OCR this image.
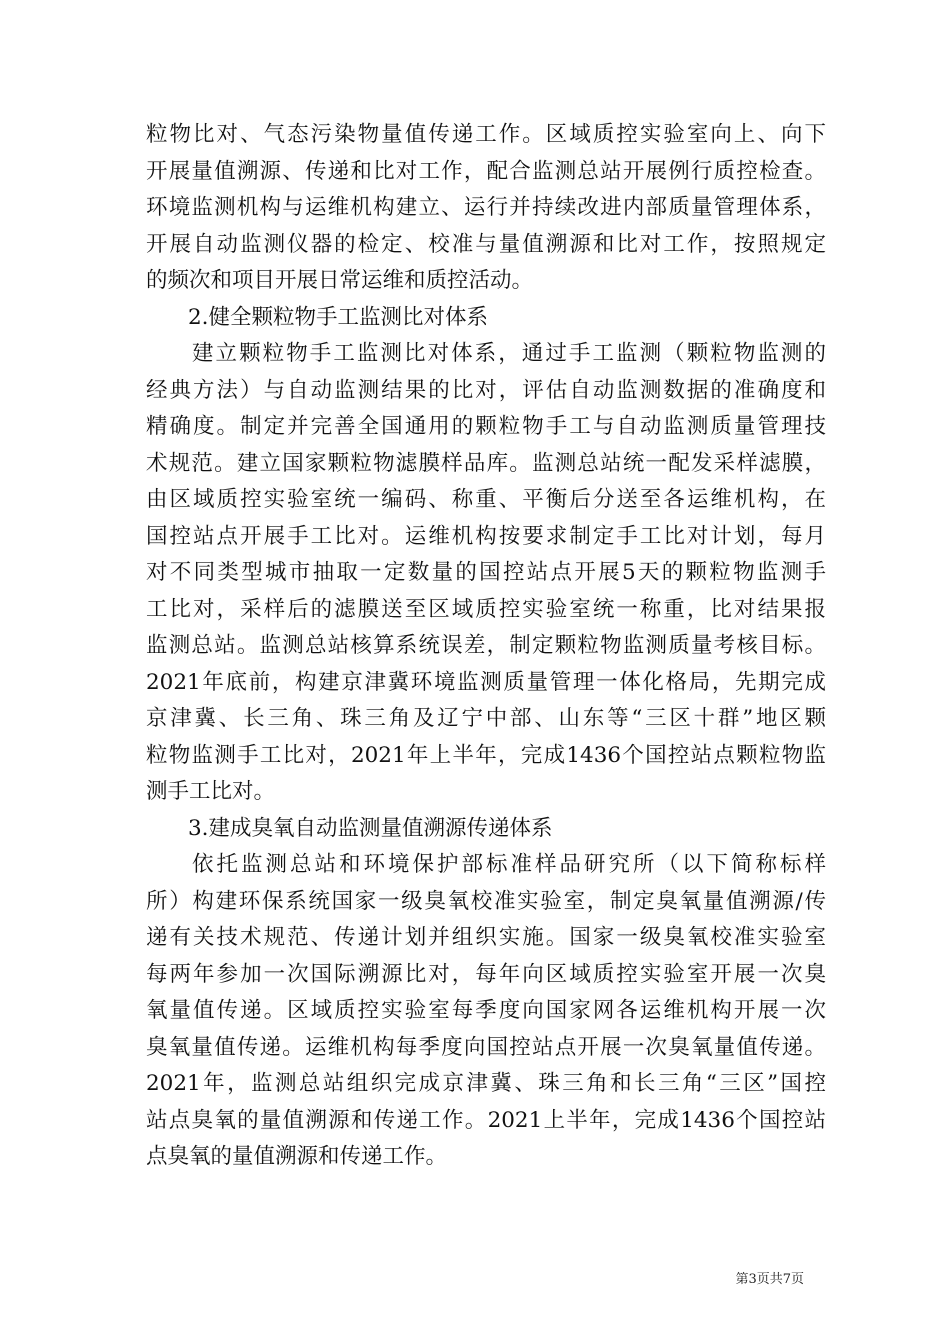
粒物比对、气态污染物量值传递工作。区域质控实验室向上、向下
开展量值溯源、传递和比对工作，配合监测总站开展例行质控检查。
环境监测机构与运维机构建立、运行并持续改进内部质量管理体系，
开展自动监测仪器的检定、校准与量值溯源和比对工作，按照规定
的频次和项目开展日常运维和质控活动。
2.健全颗粒物手工监测比对体系
建立颗粒物手工监测比对体系，通过手工监测（颗粒物监测的
经典方法）与自动监测结果的比对，评估自动监测数据的准确度和
精确度。制定并完善全国通用的颗粒物手工与自动监测质量管理技
术规范。建立国家颗粒物滤膜样品库。监测总站统一配发采样滤膜，
由区域质控实验室统一编码、称重、平衡后分送至各运维机构，在
国控站点开展手工比对。运维机构按要求制定手工比对计划，每月
对不同类型城市抽取一定数量的国控站点开展5天的颗粒物监测手
工比对，采样后的滤膜送至区域质控实验室统一称重，比对结果报
监测总站。监测总站核算系统误差，制定颗粒物监测质量考核目标。
2021年底前，构建京津冀环境监测质量管理一体化格局，先期完成
京津冀、长三角、珠三角及辽宁中部、山东等“三区十群”地区颗
粒物监测手工比对，2021年上半年，完成1436个国控站点颗粒物监
测手工比对。
3.建成臭氧自动监测量值溯源传递体系
依托监测总站和环境保护部标准样品研究所（以下简称标样
所）构建环保系统国家一级臭氧校准实验室，制定臭氧量值溯源/传
递有关技术规范、传递计划并组织实施。国家一级臭氧校准实验室
每两年参加一次国际溯源比对，每年向区域质控实验室开展一次臭
氧量值传递。区域质控实验室每季度向国家网各运维机构开展一次
臭氧量值传递。运维机构每季度向国控站点开展一次臭氧量值传递。
2021年，监测总站组织完成京津冀、珠三角和长三角“三区”国控
站点臭氧的量值溯源和传递工作。2021上半年，完成1436个国控站
点臭氧的量值溯源和传递工作。
第3页共7页
